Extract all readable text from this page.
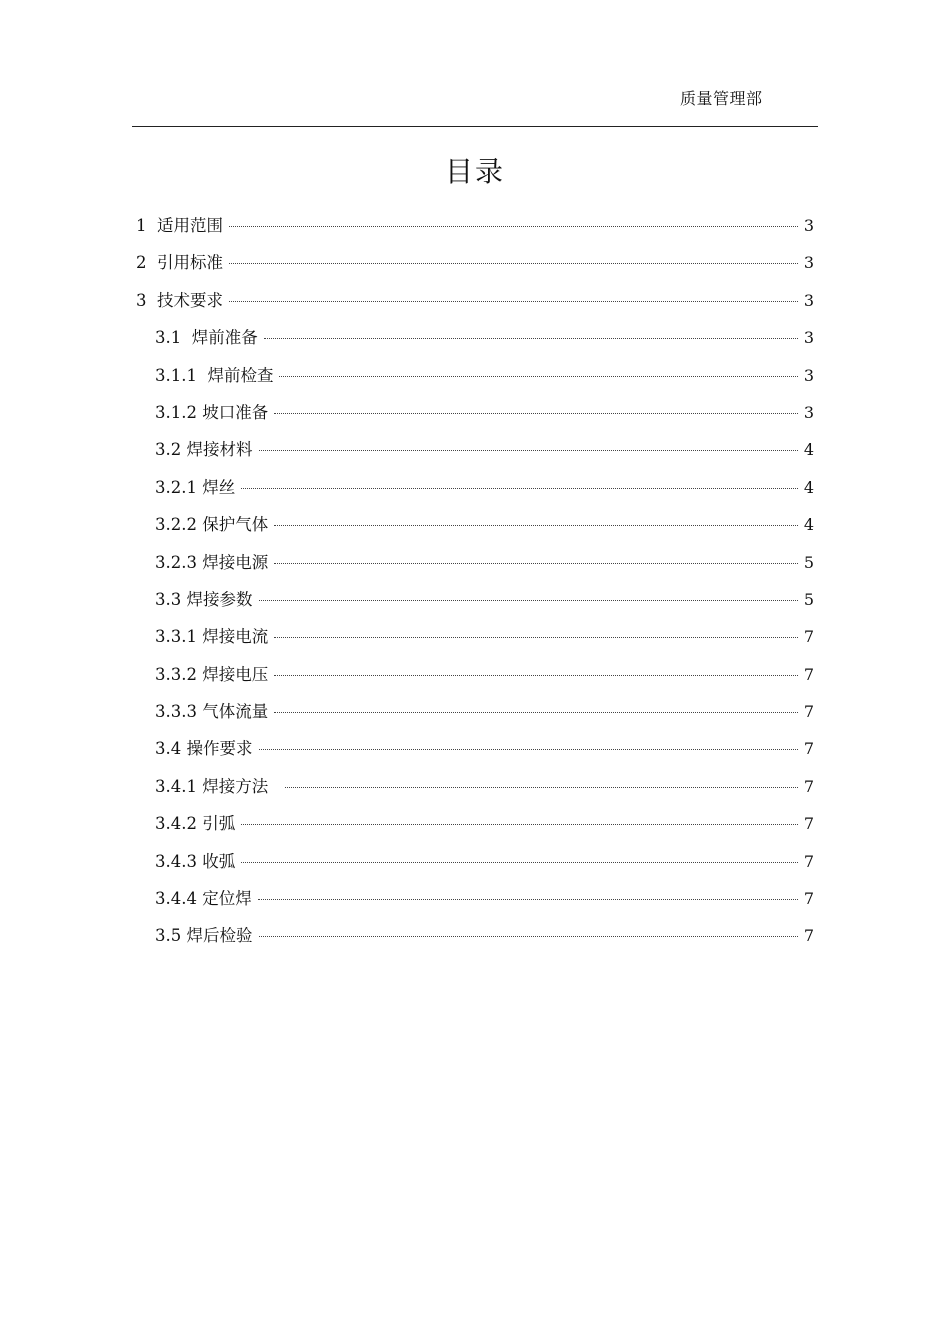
质量管理部
目录
1  适用范围	3
2  引用标准	3
3  技术要求	3
3.1  焊前准备	3
3.1.1  焊前检查	3
3.1.2 坡口准备	3
3.2 焊接材料	4
3.2.1 焊丝	4
3.2.2 保护气体	4
3.2.3 焊接电源	5
3.3 焊接参数	5
3.3.1 焊接电流	7
3.3.2 焊接电压	7
3.3.3 气体流量	7
3.4 操作要求	7
3.4.1 焊接方法	7
3.4.2 引弧	7
3.4.3 收弧	7
3.4.4 定位焊	7
3.5 焊后检验	7
